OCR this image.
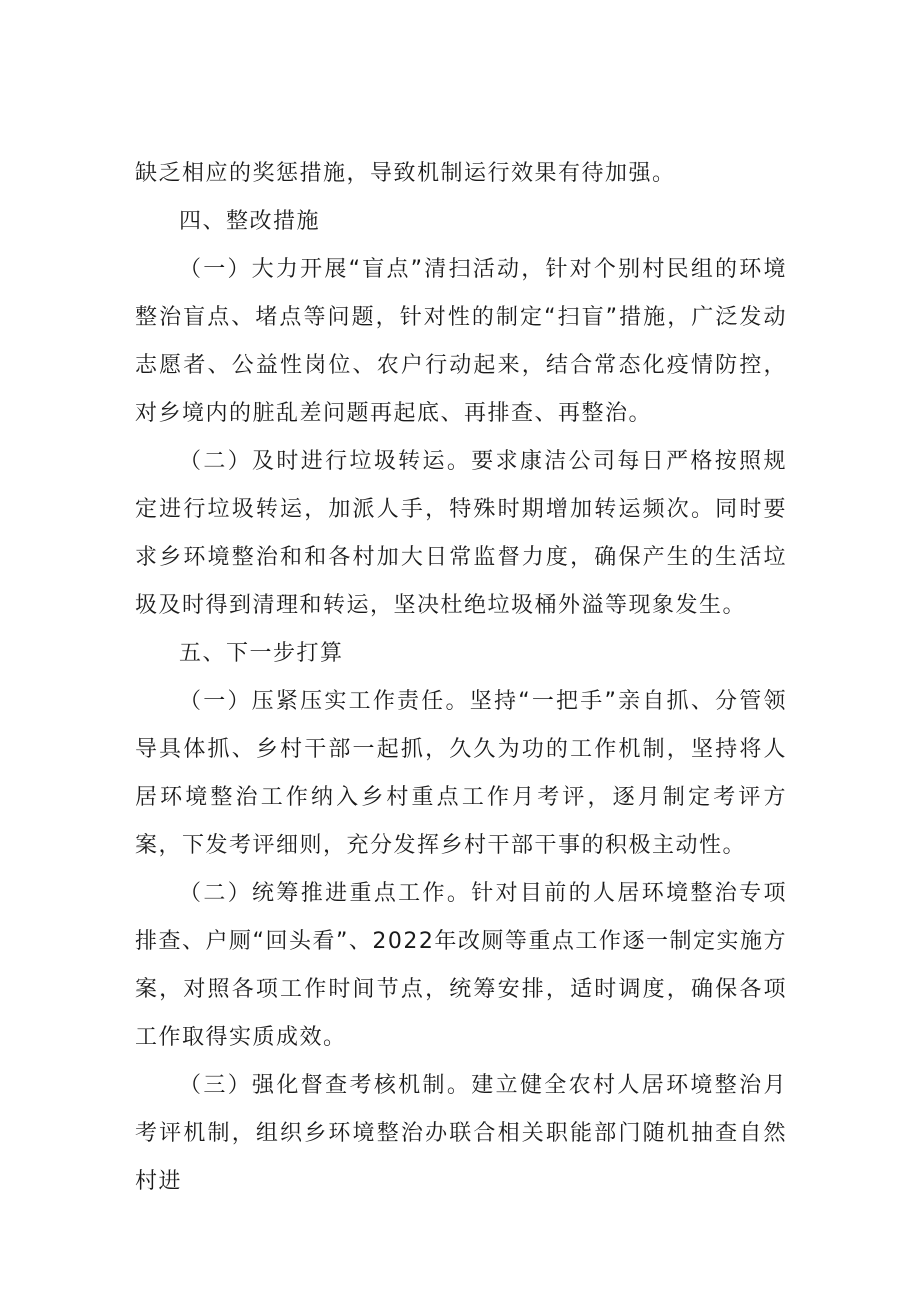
缺乏相应的奖惩措施，导致机制运行效果有待加强。

四、整改措施

（一）大力开展“盲点”清扫活动，针对个别村民组的环境整治盲点、堵点等问题，针对性的制定“扫盲”措施，广泛发动志愿者、公益性岗位、农户行动起来，结合常态化疫情防控，对乡境内的脏乱差问题再起底、再排查、再整治。

（二）及时进行垃圾转运。要求康洁公司每日严格按照规定进行垃圾转运，加派人手，特殊时期增加转运频次。同时要求乡环境整治和和各村加大日常监督力度，确保产生的生活垃圾及时得到清理和转运，坚决杜绝垃圾桶外溢等现象发生。

五、下一步打算

（一）压紧压实工作责任。坚持“一把手”亲自抓、分管领导具体抓、乡村干部一起抓，久久为功的工作机制，坚持将人居环境整治工作纳入乡村重点工作月考评，逐月制定考评方案，下发考评细则，充分发挥乡村干部干事的积极主动性。

（二）统筹推进重点工作。针对目前的人居环境整治专项排查、户厕“回头看”、2022年改厕等重点工作逐一制定实施方案，对照各项工作时间节点，统筹安排，适时调度，确保各项工作取得实质成效。

（三）强化督查考核机制。建立健全农村人居环境整治月考评机制，组织乡环境整治办联合相关职能部门随机抽查自然村进
